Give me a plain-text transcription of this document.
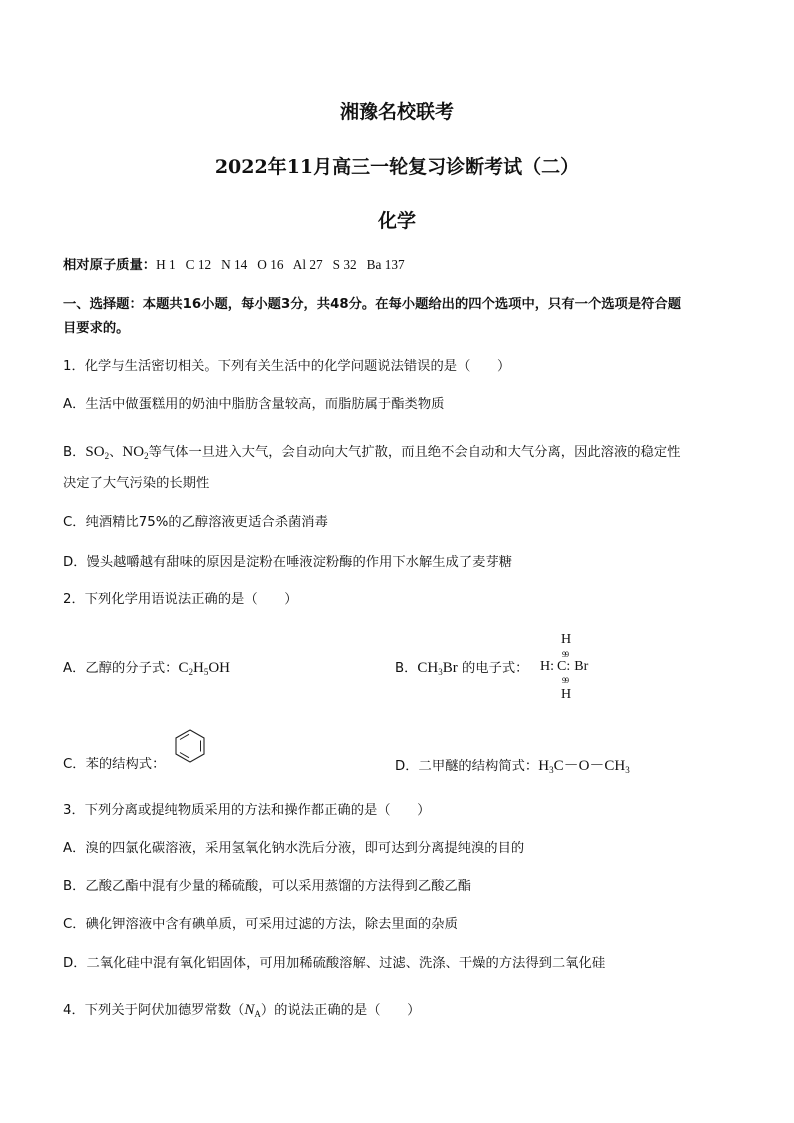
湘豫名校联考
2022年11月高三一轮复习诊断考试（二）
化学
相对原子质量：H 1   C 12   N 14   O 16   Al 27   S 32   Ba 137
一、选择题：本题共16小题，每小题3分，共48分。在每小题给出的四个选项中，只有一个选项是符合题
目要求的。
1．化学与生活密切相关。下列有关生活中的化学问题说法错误的是（　　）
A．生活中做蛋糕用的奶油中脂肪含量较高，而脂肪属于酯类物质
B．$SO_2$、$NO_2$等气体一旦进入大气，会自动向大气扩散，而且绝不会自动和大气分离，因此溶液的稳定性
决定了大气污染的长期性
C．纯酒精比75%的乙醇溶液更适合杀菌消毒
D．馒头越嚼越有甜味的原因是淀粉在唾液淀粉酶的作用下水解生成了麦芽糖
2．下列化学用语说法正确的是（　　）
A．乙醇的分子式：$C_2H_5OH$	B．$CH_3Br$ 的电子式：
H
99
H: C: Br
99
H
C．苯的结构式：	D．二甲醚的结构简式：$H_3C-O-CH_3$
3．下列分离或提纯物质采用的方法和操作都正确的是（　　）
A．溴的四氯化碳溶液，采用氢氧化钠水洗后分液，即可达到分离提纯溴的目的
B．乙酸乙酯中混有少量的稀硫酸，可以采用蒸馏的方法得到乙酸乙酯
C．碘化钾溶液中含有碘单质，可采用过滤的方法，除去里面的杂质
D．二氧化硅中混有氧化铝固体，可用加稀硫酸溶解、过滤、洗涤、干燥的方法得到二氧化硅
4．下列关于阿伏加德罗常数$(N_A)$的说法正确的是（　　）
